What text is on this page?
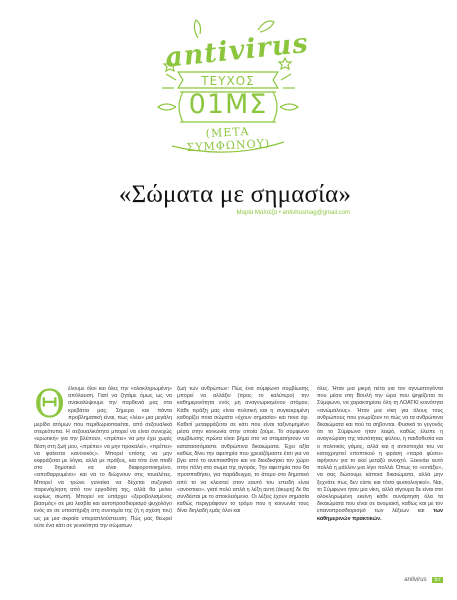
antivirus
ΤΕΥΧΟΣ
01ΜΣ
(ΜΕΤΑ ΣΥΜΦΩΝΟΥ)
«Σώματα με σημασία»

Μαρία Μαλτέζα • antivirusmag@gmail.com

Θ έλουμε όλοι και όλες την «ολοκληρωμένη» απόλαυση. Γιατί να ζητάμε όμως ως να ανακαλύψουμε την παρθενιά μας στα κρεβάτια μας; Σήμερα και πάντα προβληματική είναι, πως «λέει» μια μεγάλη μερίδα ατόμων που περιθωριοποιείται, από σεξουαλικά στερεότυπα. Η σεξουαλικότητα μπορεί να είναι συνεχώς «ερωτική» για την βλέπουν, «πρέπει» να μην έχει χωρίς θέση στη ζωή μου, «πρέπει» να μην προκαλεί», «πρέπει» να φαίνεται κανονικός». Μπορεί επίσης να μην εκφράζεται με λόγια, αλλά με πράξεις, και τότε ένα παιδί στο δημοτικό να είναι διαφοροποιημένο, «αποθαρρυμένο» και να το διώχνουν στις τουαλέτες. Μπορεί να τρώνε γυναίκα να δέχεται συζυγικό παρενόχληση από τον εργοδότη της, αλλά θα μείνει κυρίως σιωπή. Μπορεί να υπάρχει «ξεροβολισμένος βιασμός» σε μια λεσβία και αυτοπροσδιορισμό ψυχολόγο ενός αν σε υποστήριξη στη συντομία της (ή η σχέση του) ως με μια ακραία υπεραπλούστευση. Πώς μας θεωρεί ούτε ένα κάτι σε γενικότητα την σώματων
ζωή των ανθρώπων: Πώς ένα σύμφωνο συμβίωσης μπορεί να αλλάξει (προς το καλύτερο) την καθημερινότητα ενός μη αναγνωρισμένου ατόμου; Κάθε πράξη μας είναι πολιτική και η συγκεκριμένη καθορίζει ποια σώματα «έχουν σημασία» και ποια όχι. Καθετί μεταφράζεται σε κάτι που είναι ταξινομημένο μέσα στην κοινωνία στην οποία ζούμε. Το σύμφωνο συμβίωσης πρώτα είναι βήμα στο να σταματήσουν να κατατασσόμαστε ανθρώπινα δικαιώματα. Έχει αξία καθώς δίνει την αφετηρία που χρειαζόμαστε έτσι για να βγει από το ανεπαισθητο και να διεκδικήσει τον χώρο στην πόλη στο σωμα της αγοράς. Την αφετηρία που θα προσπαθήσει, για παράδειγμα, το άτομο στο δημοτικό από το να κλειστεί στον εαυτό του επειδή είναι «ανοστικο», γιατί πολύ απλά η λέξη αυτή (άκυρη) δε θα συνδέεται με το αποκλειόμενο. Οι λέξεις έχουν σημασία καθώς περιγράφουν το τρόμο που η κοινωνία τους δίνει διηλαδή εμάς όλοι και
όλες. Ήταν μια μικρή πέτα για τον αγνωστογόντα που μέσα στη Βουλή την ώρα που ψηφίζεται το Σύμφωνο, να χαρακτηρίσει όλη τη ΛΟΑΤΚΙ κοινότητα «ανώμαλους». Ήταν μια νίκη για όλους τους ανθρώπους που γνωρίζουν το πώς να τα ανθρώπινα δικαιώματα και πού τα σήβονται. Φυσικά το γεγονός ότι το Σύμφωνο ήταν λειψό, καθώς έλειπε η αναγνώριση της ταυτότητας φύλου, η παιδοθεσία και ο πολιτικός γάμος, αλλά και η αντιστοιχία του να καταχρηστεί εποπτικού η φράση «παρά φύσει» αφήνουν για το εκεί μεταξύ ανοιχτό. Ξεκινάει αυτό πολλά η μάλλον μια λίγο πολλά. Όπως το «εντάξει», να σας δώσουμε κάποια δικαιώματα, αλλά μην ξεχνάτε πως δεν είστε και τόσο φυσιολογικοί». Ναι, το Σύμφωνο ήταν μια νίκη, αλλά σίγουρα δε είναι στο ολοκληρωμένη εκείνη κάθε συνάρτηση όλα τα δικαιώματα που είναι σε ανομιακή, καθώς και με τον επανοπροσδιορισμό των λέξεων και των καθημερινών πρακτικών.
antivirus 57
